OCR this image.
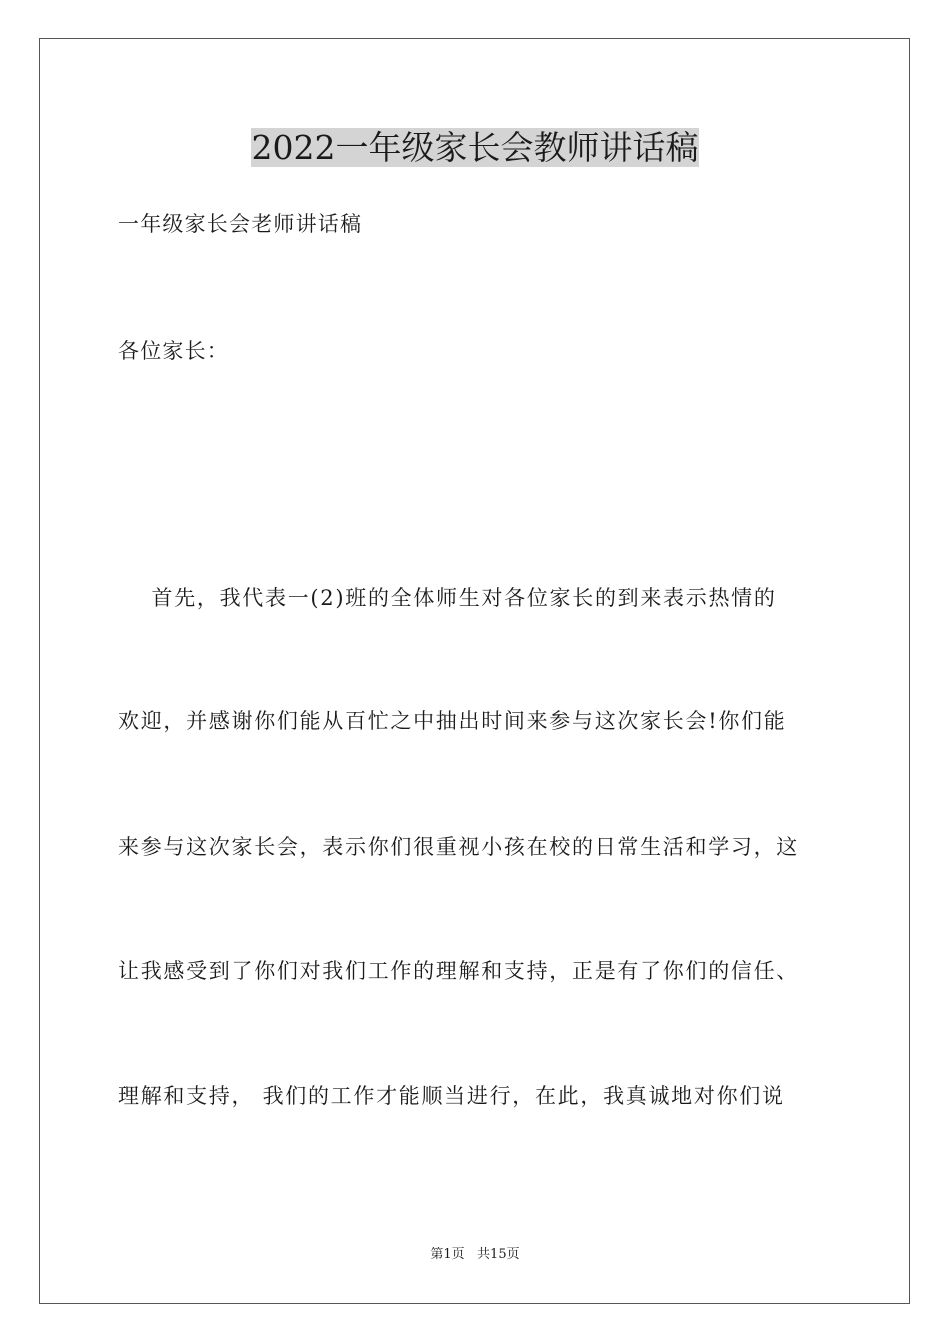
2022一年级家长会教师讲话稿

一年级家长会老师讲话稿

各位家长：

首先，我代表一(2)班的全体师生对各位家长的到来表示热情的

欢迎，并感谢你们能从百忙之中抽出时间来参与这次家长会!你们能

来参与这次家长会，表示你们很重视小孩在校的日常生活和学习，这

让我感受到了你们对我们工作的理解和支持，正是有了你们的信任、

理解和支持， 我们的工作才能顺当进行，在此，我真诚地对你们说

第1页   共15页
